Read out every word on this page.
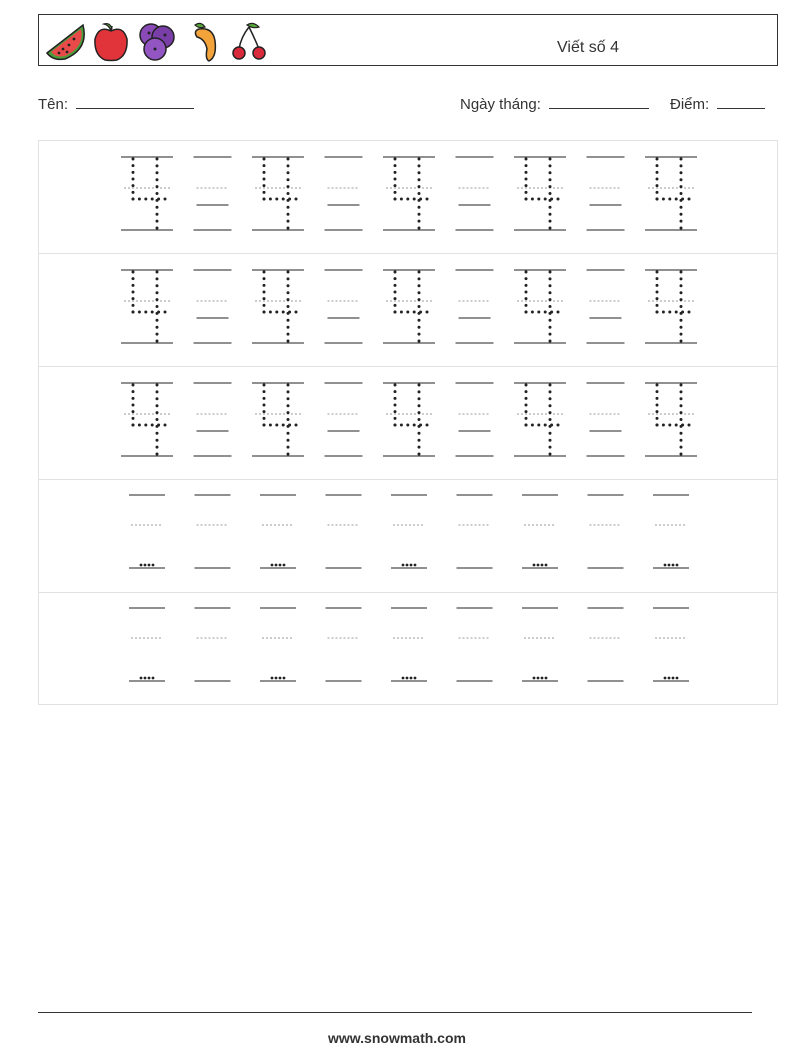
Viết số 4
Tên:	Ngày tháng:	Điểm:
www.snowmath.com
